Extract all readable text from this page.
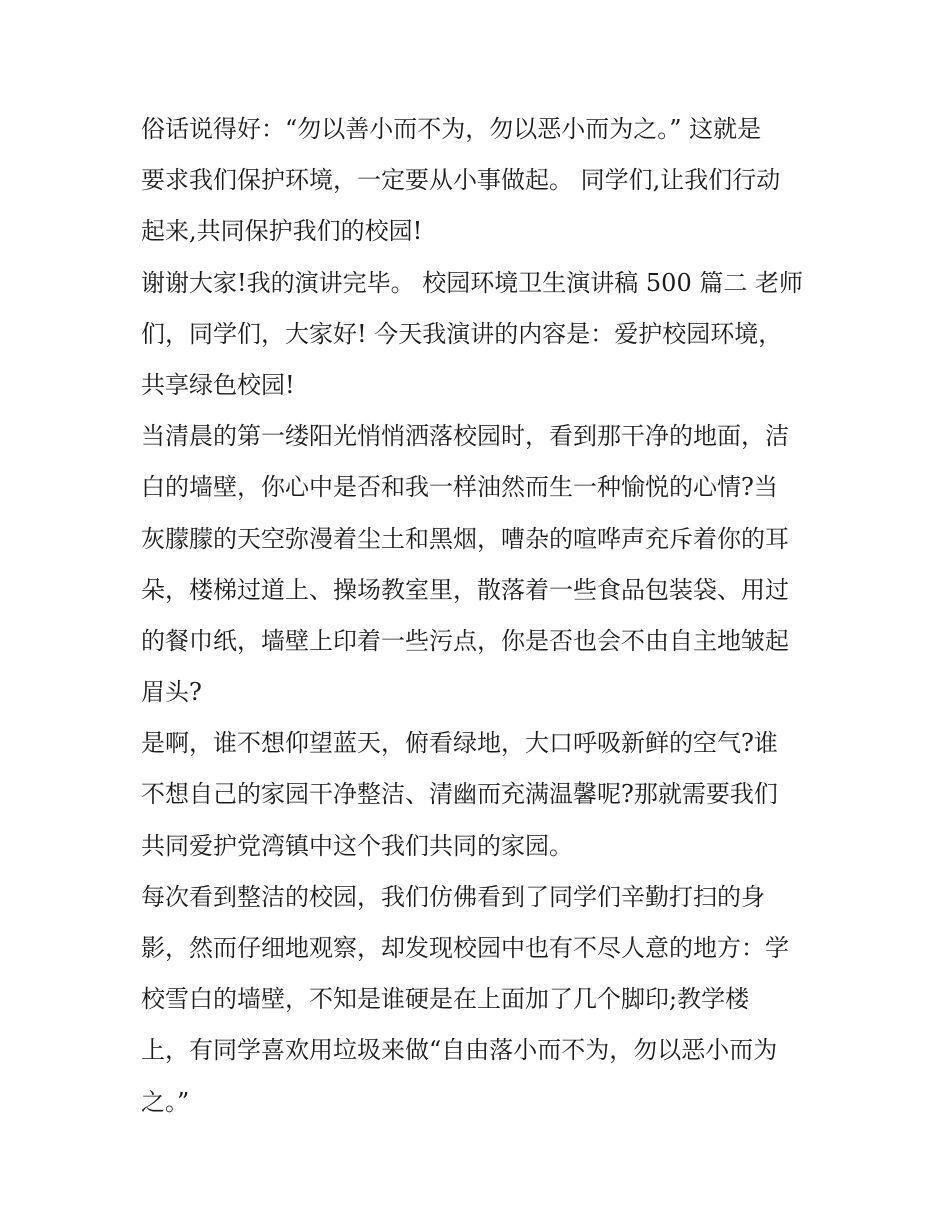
俗话说得好：“勿以善小而不为，勿以恶小而为之。” 这就是
要求我们保护环境，一定要从小事做起。 同学们,让我们行动
起来,共同保护我们的校园!

谢谢大家!我的演讲完毕。 校园环境卫生演讲稿 500 篇二 老师
们，同学们，大家好! 今天我演讲的内容是：爱护校园环境，
共享绿色校园!

当清晨的第一缕阳光悄悄洒落校园时，看到那干净的地面，洁
白的墙壁，你心中是否和我一样油然而生一种愉悦的心情?当
灰朦朦的天空弥漫着尘土和黑烟，嘈杂的喧哗声充斥着你的耳
朵，楼梯过道上、操场教室里，散落着一些食品包装袋、用过
的餐巾纸，墙壁上印着一些污点，你是否也会不由自主地皱起
眉头?

是啊，谁不想仰望蓝天，俯看绿地，大口呼吸新鲜的空气?谁
不想自己的家园干净整洁、清幽而充满温馨呢?那就需要我们
共同爱护党湾镇中这个我们共同的家园。

每次看到整洁的校园，我们仿佛看到了同学们辛勤打扫的身
影，然而仔细地观察，却发现校园中也有不尽人意的地方：学
校雪白的墙壁，不知是谁硬是在上面加了几个脚印;教学楼
上，有同学喜欢用垃圾来做“自由落小而不为，勿以恶小而为
之。”
